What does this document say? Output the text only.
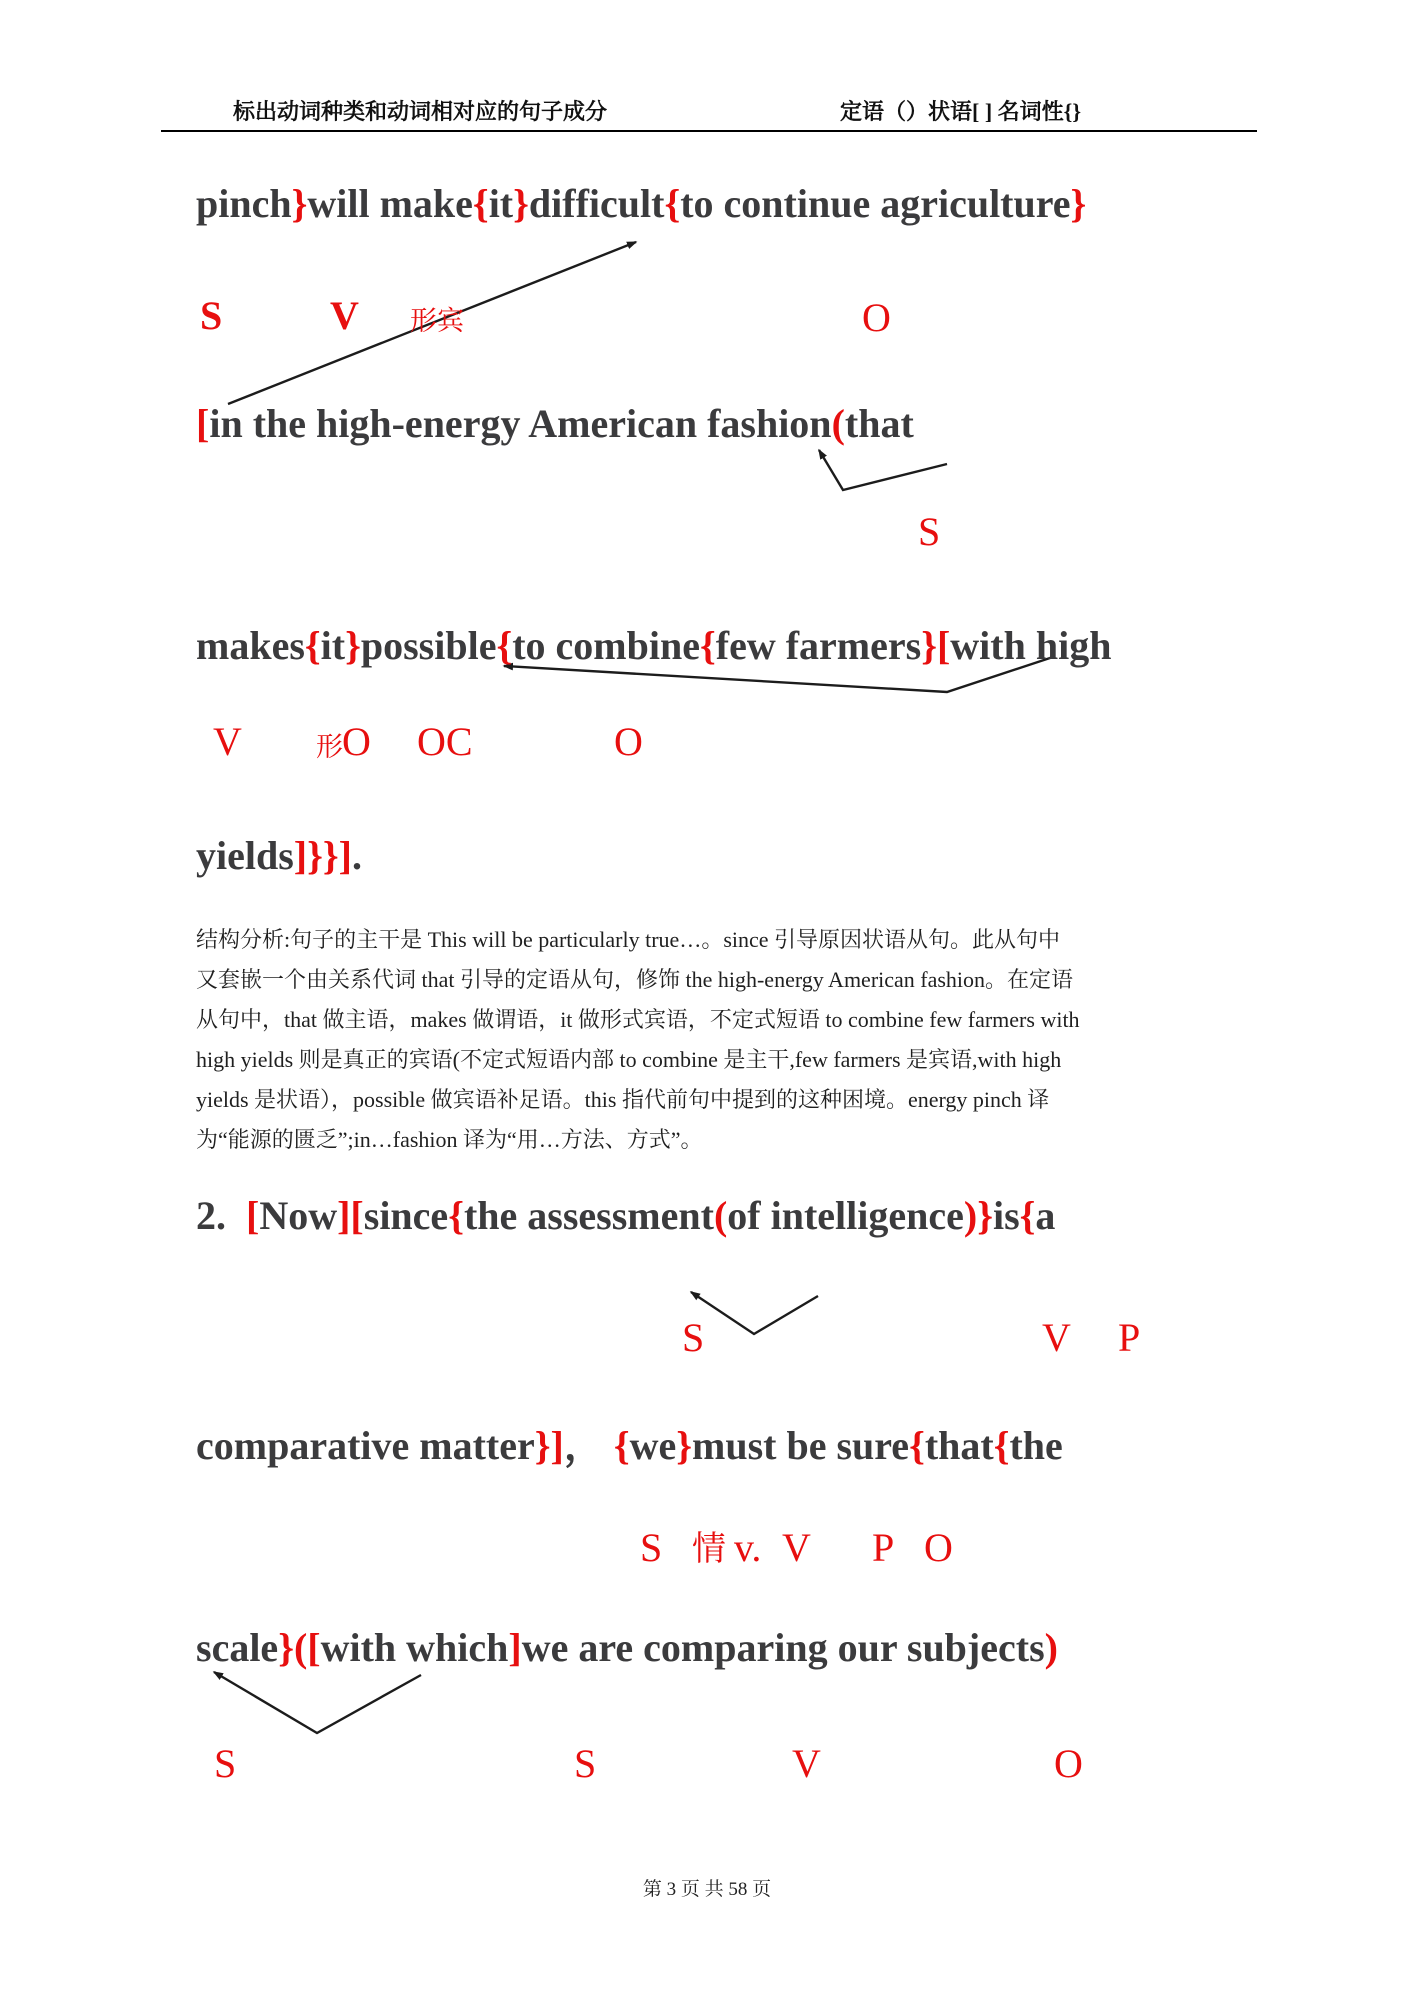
标出动词种类和动词相对应的句子成分	定语（）状语[ ] 名词性{}
pinch}will make{it}difficult{to continue agriculture}
S	V 形宾	O
[in the high-energy American fashion(that
S
makes{it}possible{to combine{few farmers}[with high
V	形 O OC	O
yields]}}].
结构分析:句子的主干是 This will be particularly true…。since 引导原因状语从句。此从句中
又套嵌一个由关系代词 that 引导的定语从句，修饰 the high-energy American fashion。在定语
从句中，that 做主语，makes 做谓语，it 做形式宾语，不定式短语 to combine few farmers with
high yields 则是真正的宾语(不定式短语内部 to combine 是主干,few farmers 是宾语,with high
yields 是状语），possible 做宾语补足语。this 指代前句中提到的这种困境。energy pinch 译
为“能源的匮乏”;in…fashion 译为“用…方法、方式”。
2.  [Now][since{the assessment(of intelligence)}is{a
S	V P
comparative matter}]， {we}must be sure{that{the
S 情 v. V P O
scale}([with which]we are comparing our subjects)
S	S	V	O
第 3 页 共 58 页
